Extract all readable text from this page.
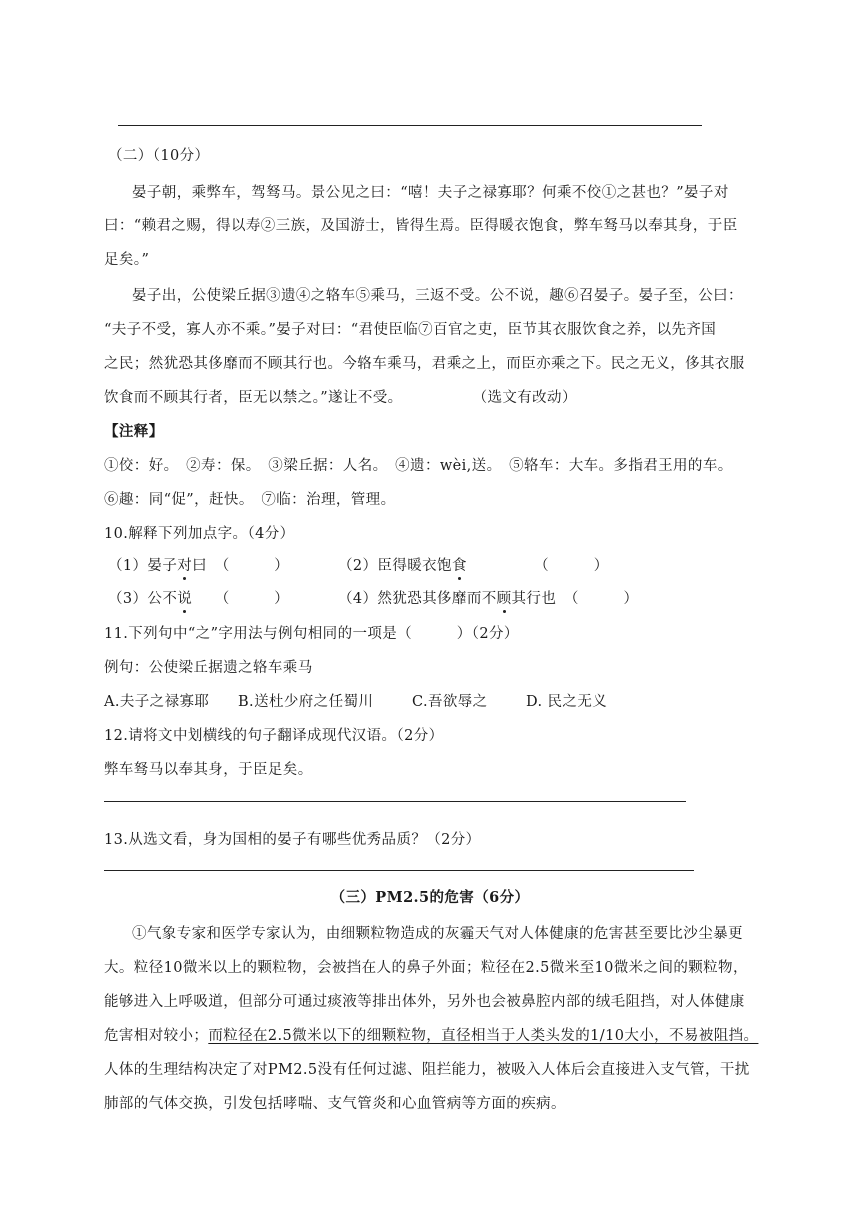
（二）（10分）
晏子朝，乘弊车，驾驽马。景公见之曰：“嘻！夫子之禄寡耶？何乘不佼①之甚也？”晏子对
曰：“赖君之赐，得以寿②三族，及国游士，皆得生焉。臣得暖衣饱食，弊车驽马以奉其身，于臣
足矣。”
晏子出，公使梁丘据③遗④之辂车⑤乘马，三返不受。公不说，趣⑥召晏子。晏子至，公曰：
“夫子不受，寡人亦不乘。”晏子对曰：“君使臣临⑦百官之吏，臣节其衣服饮食之养，以先齐国
之民；然犹恐其侈靡而不顾其行也。今辂车乘马，君乘之上，而臣亦乘之下。民之无义，侈其衣服
饮食而不顾其行者，臣无以禁之。”遂让不受。	（选文有改动）
【注释】
①佼：好。　②寿：保。　③梁丘据：人名。　④遗：wèi,送。　⑤辂车：大车。多指君王用的车。
⑥趣：同“促”，赶快。　⑦临：治理，管理。
10.解释下列加点字。（4分）
（1）晏子对曰　（　　　）	（2）臣得暖衣饱食　　　　　（　　　）
（3）公不说　　（　　　）	（4）然犹恐其侈靡而不顾其行也　（　　　）
11.下列句中“之”字用法与例句相同的一项是（　　　）（2分）
例句：公使梁丘据遗之辂车乘马
A.夫子之禄寡耶 B.送杜少府之任蜀川	C.吾欲辱之	D. 民之无义
12.请将文中划横线的句子翻译成现代汉语。（2分）
弊车驽马以奉其身，于臣足矣。
13.从选文看，身为国相的晏子有哪些优秀品质？（2分）
（三）PM2.5的危害（6分）
①气象专家和医学专家认为，由细颗粒物造成的灰霾天气对人体健康的危害甚至要比沙尘暴更
大。粒径10微米以上的颗粒物，会被挡在人的鼻子外面；粒径在2.5微米至10微米之间的颗粒物，
能够进入上呼吸道，但部分可通过痰液等排出体外，另外也会被鼻腔内部的绒毛阻挡，对人体健康
危害相对较小；而粒径在2.5微米以下的细颗粒物，直径相当于人类头发的1/10大小，不易被阻挡。
人体的生理结构决定了对PM2.5没有任何过滤、阻拦能力，被吸入人体后会直接进入支气管，干扰
肺部的气体交换，引发包括哮喘、支气管炎和心血管病等方面的疾病。
